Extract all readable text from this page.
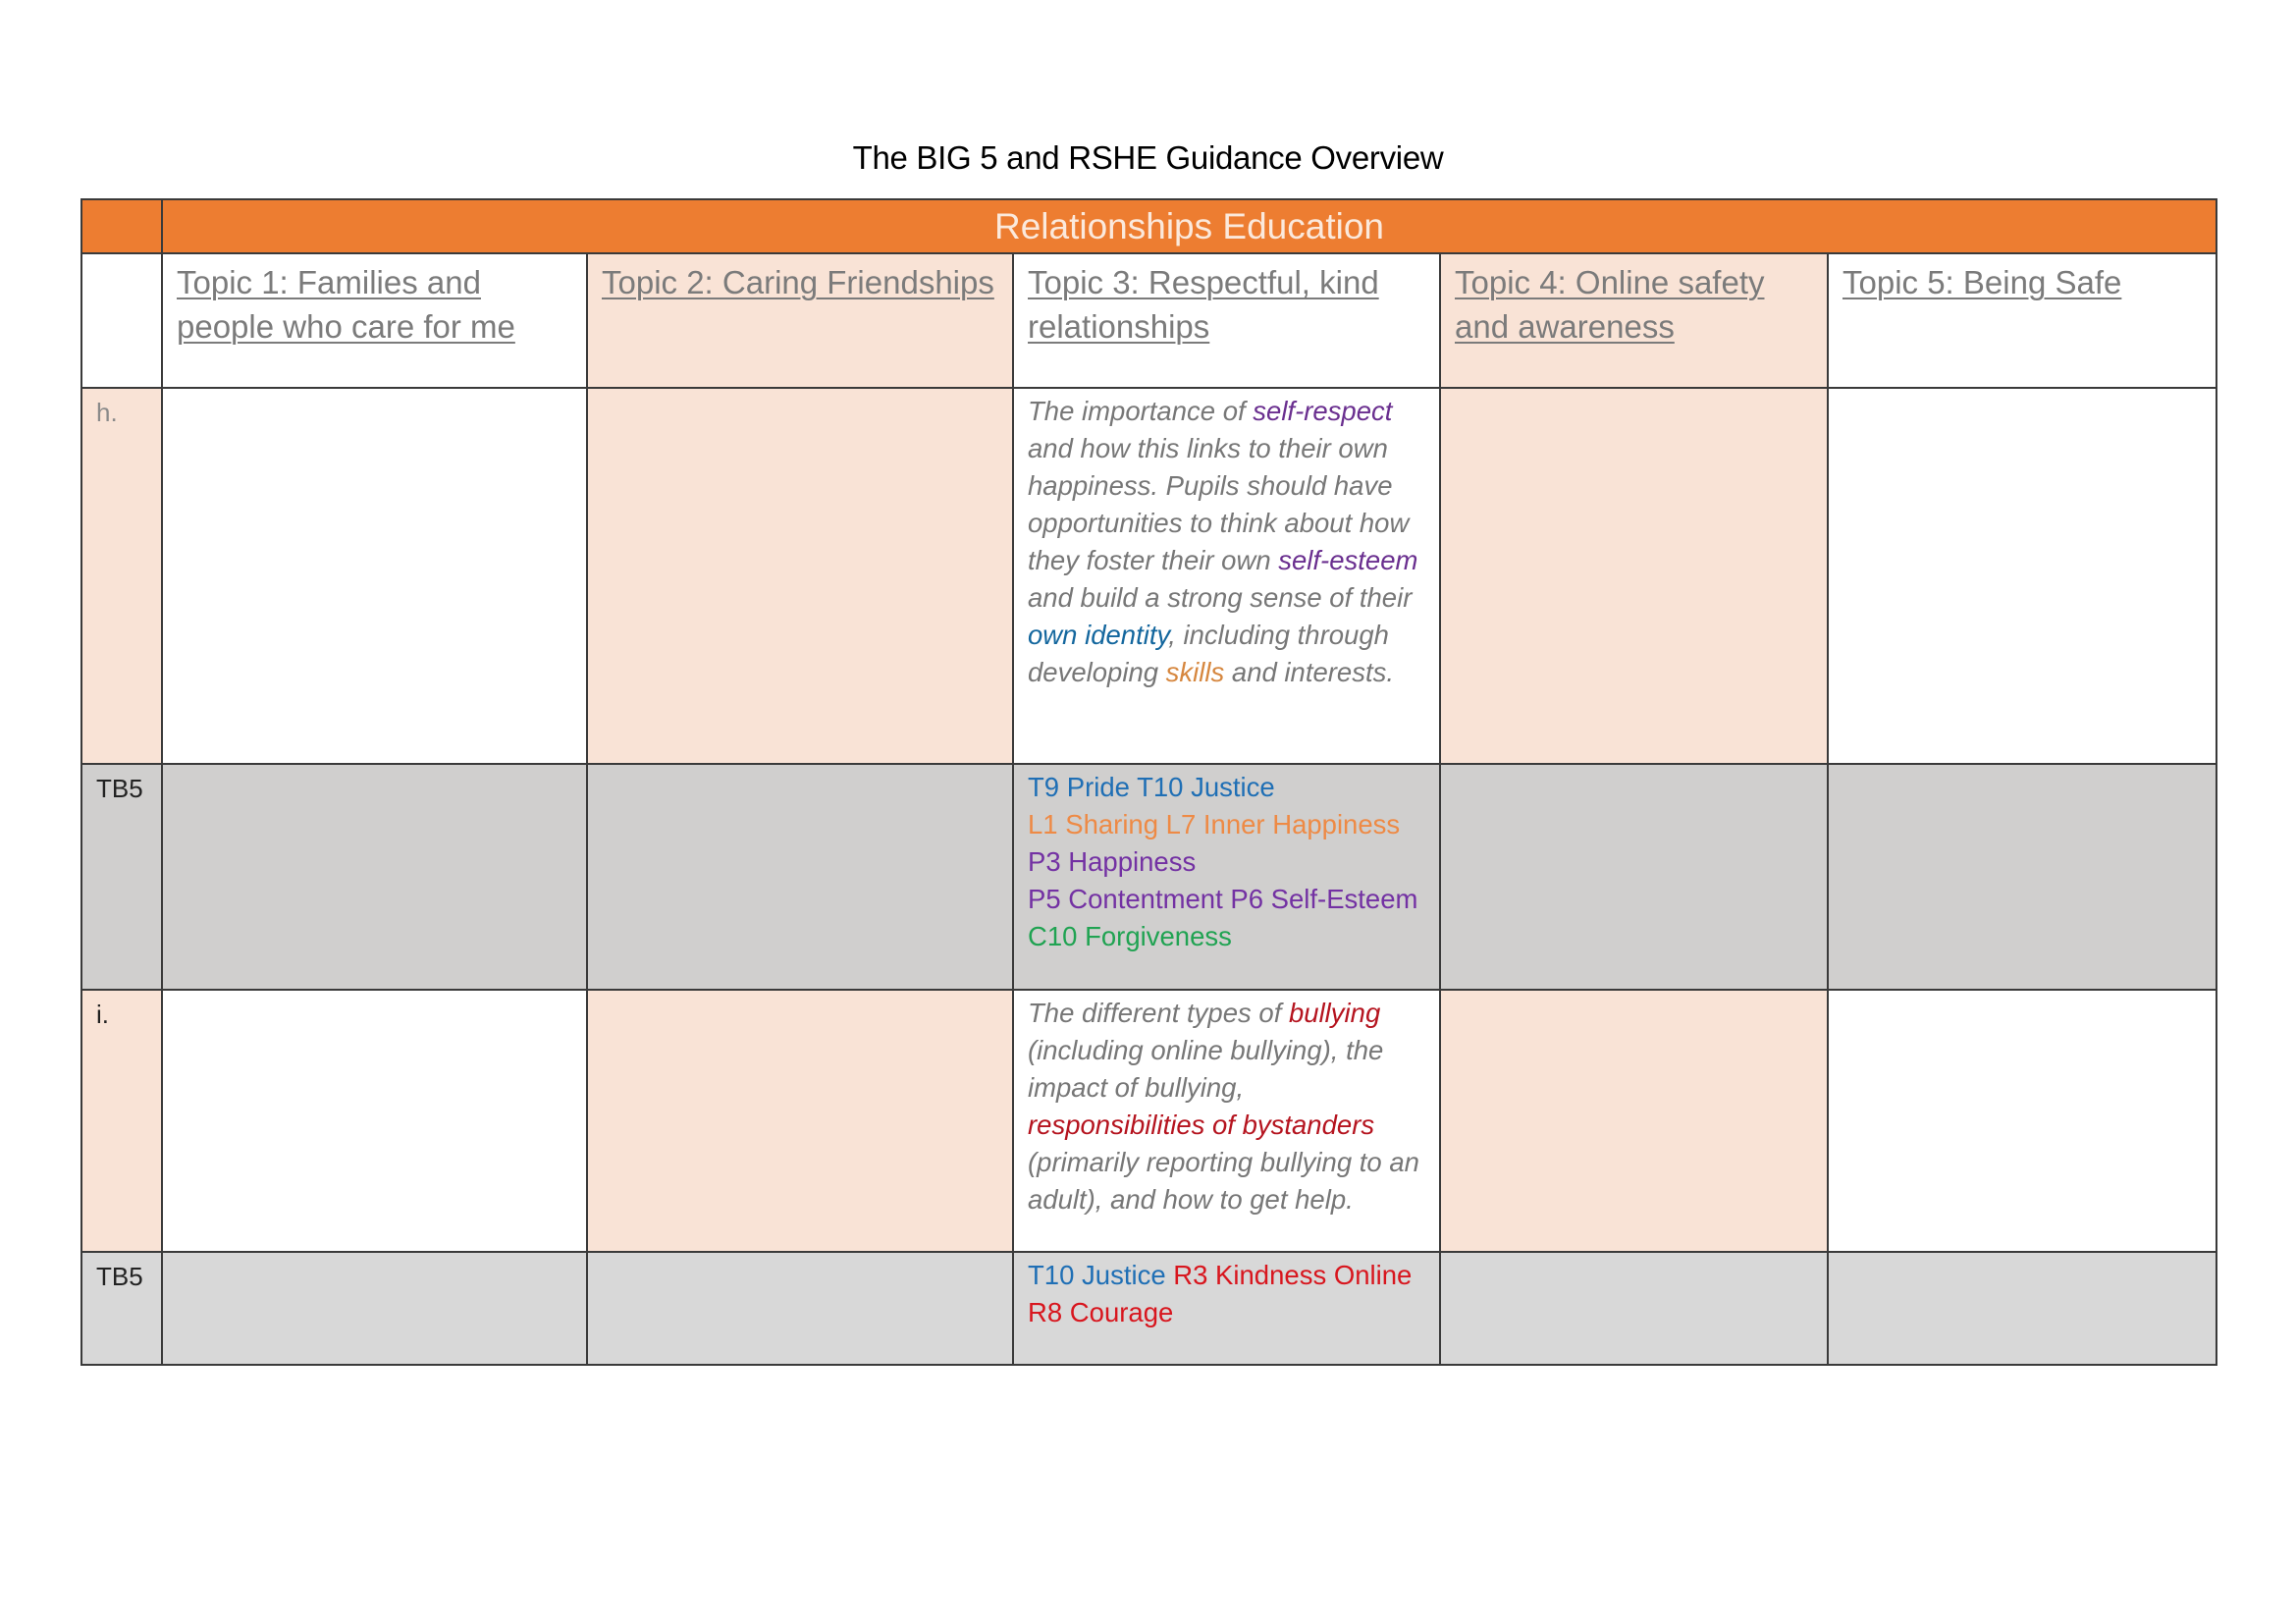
The BIG 5 and RSHE Guidance Overview

	Relationships Education				

	Topic 1: Families and people who care for me	Topic 2: Caring Friendships	Topic 3: Respectful, kind relationships	Topic 4: Online safety and awareness	Topic 5: Being Safe

h.			The importance of self-respect and how this links to their own happiness. Pupils should have opportunities to think about how they foster their own self-esteem and build a strong sense of their own identity, including through developing skills and interests.		

TB5			T9 Pride T10 Justice
L1 Sharing L7 Inner Happiness
P3 Happiness
P5 Contentment P6 Self-Esteem C10 Forgiveness		

i.			The different types of bullying (including online bullying), the impact of bullying, responsibilities of bystanders (primarily reporting bullying to an adult), and how to get help.		

TB5			T10 Justice R3 Kindness Online
R8 Courage		
